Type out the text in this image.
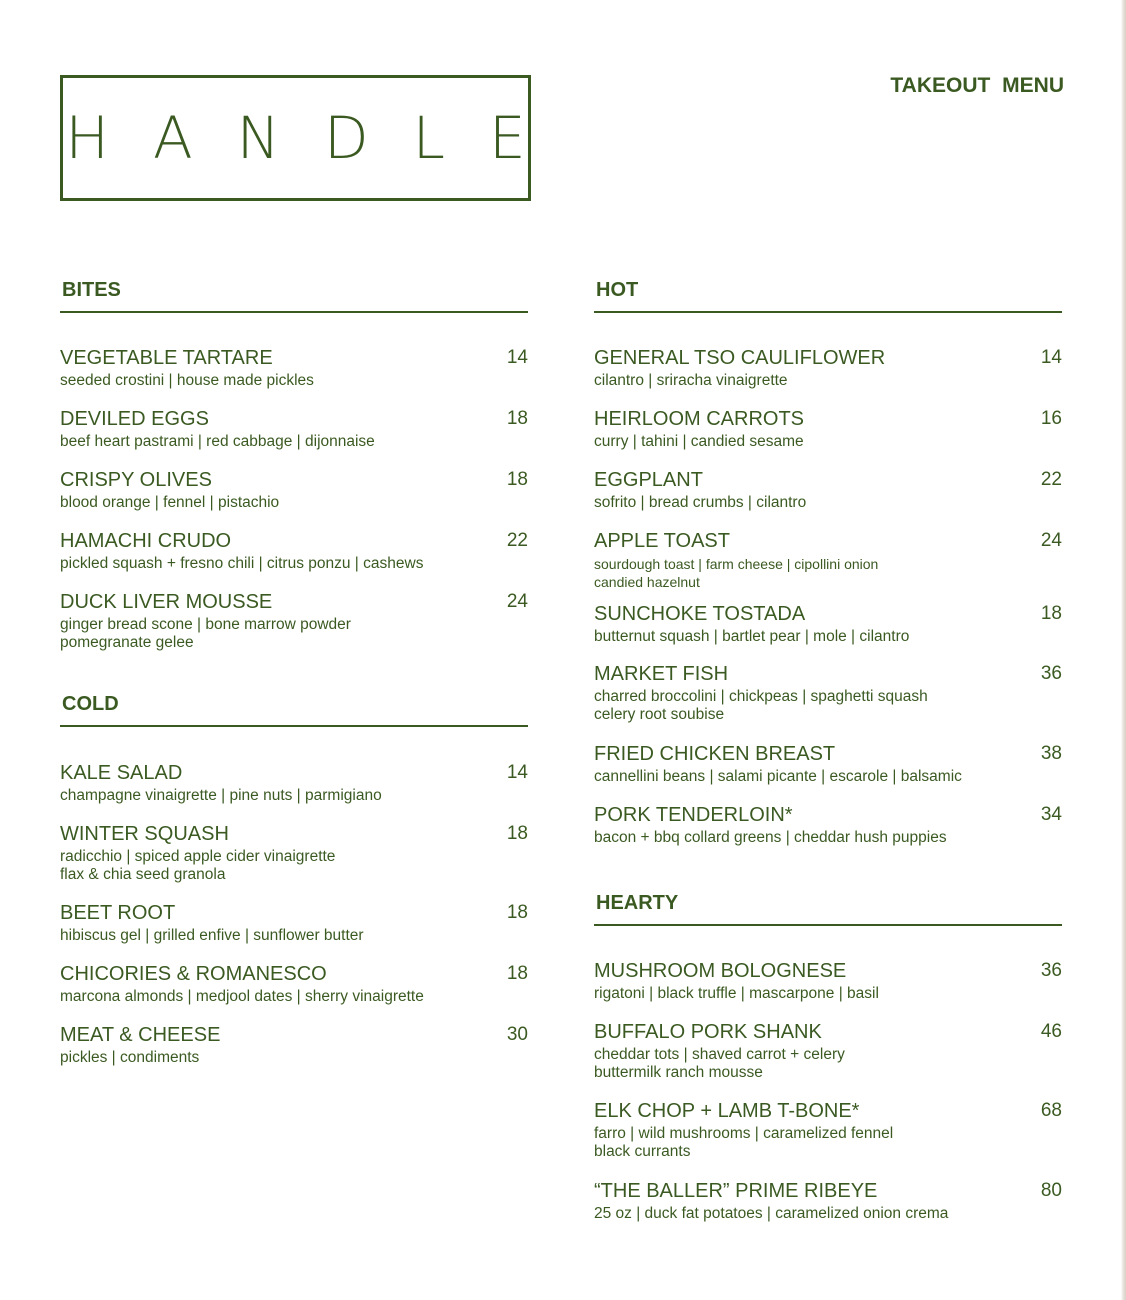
HANDLE
TAKEOUT MENU
BITES
VEGETABLE TARTARE	14
seeded crostini | house made pickles
DEVILED EGGS	18
beef heart pastrami | red cabbage | dijonnaise
CRISPY OLIVES	18
blood orange | fennel | pistachio
HAMACHI CRUDO	22
pickled squash + fresno chili | citrus ponzu | cashews
DUCK LIVER MOUSSE	24
ginger bread scone | bone marrow powder
pomegranate gelee
COLD
KALE SALAD	14
champagne vinaigrette | pine nuts | parmigiano
WINTER SQUASH	18
radicchio | spiced apple cider vinaigrette
flax & chia seed granola
BEET ROOT	18
hibiscus gel | grilled enfive | sunflower butter
CHICORIES & ROMANESCO	18
marcona almonds | medjool dates | sherry vinaigrette
MEAT & CHEESE	30
pickles | condiments
HOT
GENERAL TSO CAULIFLOWER	14
cilantro | sriracha vinaigrette
HEIRLOOM CARROTS	16
curry | tahini | candied sesame
EGGPLANT	22
sofrito | bread crumbs | cilantro
APPLE TOAST	24
sourdough toast | farm cheese | cipollini onion
candied hazelnut
SUNCHOKE TOSTADA	18
butternut squash | bartlet pear | mole | cilantro
MARKET FISH	36
charred broccolini | chickpeas | spaghetti squash
celery root soubise
FRIED CHICKEN BREAST	38
cannellini beans | salami picante | escarole | balsamic
PORK TENDERLOIN*	34
bacon + bbq collard greens | cheddar hush puppies
HEARTY
MUSHROOM BOLOGNESE	36
rigatoni | black truffle | mascarpone | basil
BUFFALO PORK SHANK	46
cheddar tots | shaved carrot + celery
buttermilk ranch mousse
ELK CHOP + LAMB T-BONE*	68
farro | wild mushrooms | caramelized fennel
black currants
“THE BALLER” PRIME RIBEYE	80
25 oz | duck fat potatoes | caramelized onion crema
